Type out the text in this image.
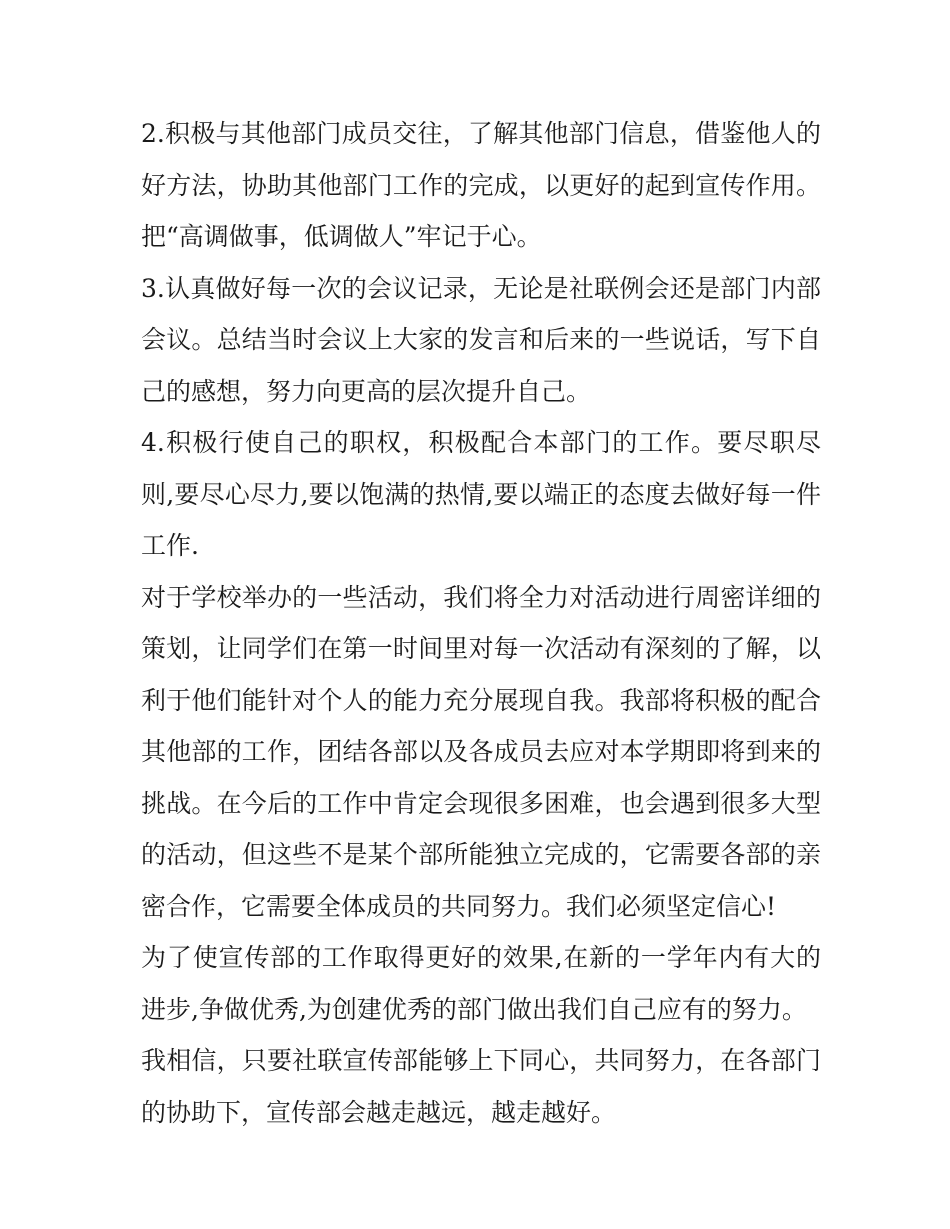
2.积极与其他部门成员交往，了解其他部门信息，借鉴他人的好方法，协助其他部门工作的完成，以更好的起到宣传作用。把“高调做事，低调做人”牢记于心。

3.认真做好每一次的会议记录，无论是社联例会还是部门内部会议。总结当时会议上大家的发言和后来的一些说话，写下自己的感想，努力向更高的层次提升自己。

4.积极行使自己的职权，积极配合本部门的工作。要尽职尽则,要尽心尽力,要以饱满的热情,要以端正的态度去做好每一件工作.

对于学校举办的一些活动，我们将全力对活动进行周密详细的策划，让同学们在第一时间里对每一次活动有深刻的了解，以利于他们能针对个人的能力充分展现自我。我部将积极的配合其他部的工作，团结各部以及各成员去应对本学期即将到来的挑战。在今后的工作中肯定会现很多困难，也会遇到很多大型的活动，但这些不是某个部所能独立完成的，它需要各部的亲密合作，它需要全体成员的共同努力。我们必须坚定信心!

为了使宣传部的工作取得更好的效果,在新的一学年内有大的进步,争做优秀,为创建优秀的部门做出我们自己应有的努力。

我相信，只要社联宣传部能够上下同心，共同努力，在各部门的协助下，宣传部会越走越远，越走越好。
